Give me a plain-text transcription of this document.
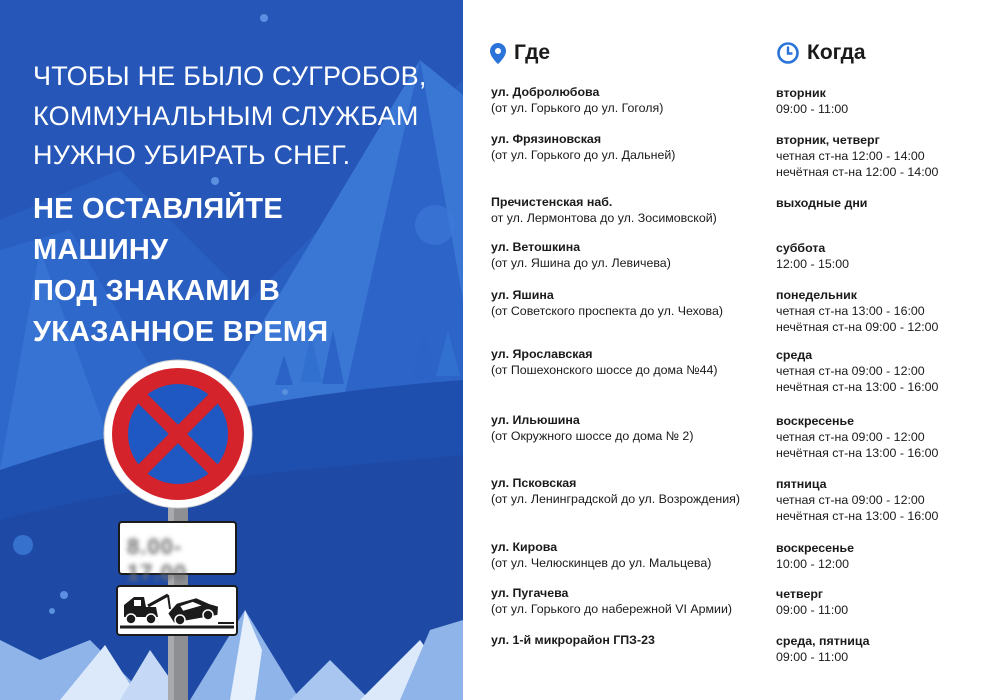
ЧТОБЫ НЕ БЫЛО СУГРОБОВ,
КОММУНАЛЬНЫМ СЛУЖБАМ
НУЖНО УБИРАТЬ СНЕГ.
НЕ ОСТАВЛЯЙТЕ
МАШИНУ
ПОД ЗНАКАМИ В
УКАЗАННОЕ ВРЕМЯ
8.00-17.00
Где	Когда
ул. Добролюбова
(от ул. Горького до ул. Гоголя)
ул. Фрязиновская
(от ул. Горького до ул. Дальней)
Пречистенская наб.
от ул. Лермонтова до ул. Зосимовской)
ул. Ветошкина
(от ул. Яшина до ул. Левичева)
ул. Яшина
(от Советского проспекта до ул. Чехова)
ул. Ярославская
(от Пошехонского шоссе до дома №44)
ул. Ильюшина
(от Окружного шоссе до дома № 2)
ул. Псковская
(от ул. Ленинградской до ул. Возрождения)
ул. Кирова
(от ул. Челюскинцев до ул. Мальцева)
ул. Пугачева
(от ул. Горького до набережной VI Армии)
ул. 1-й микрорайон ГПЗ-23
вторник
09:00 - 11:00
вторник, четверг
четная ст-на 12:00 - 14:00
нечётная ст-на 12:00 - 14:00
выходные дни
суббота
12:00 - 15:00
понедельник
четная ст-на 13:00 - 16:00
нечётная ст-на 09:00 - 12:00
среда
четная ст-на 09:00 - 12:00
нечётная ст-на 13:00 - 16:00
воскресенье
четная ст-на 09:00 - 12:00
нечётная ст-на 13:00 - 16:00
пятница
четная ст-на 09:00 - 12:00
нечётная ст-на 13:00 - 16:00
воскресенье
10:00 - 12:00
четверг
09:00 - 11:00
среда, пятница
09:00 - 11:00
